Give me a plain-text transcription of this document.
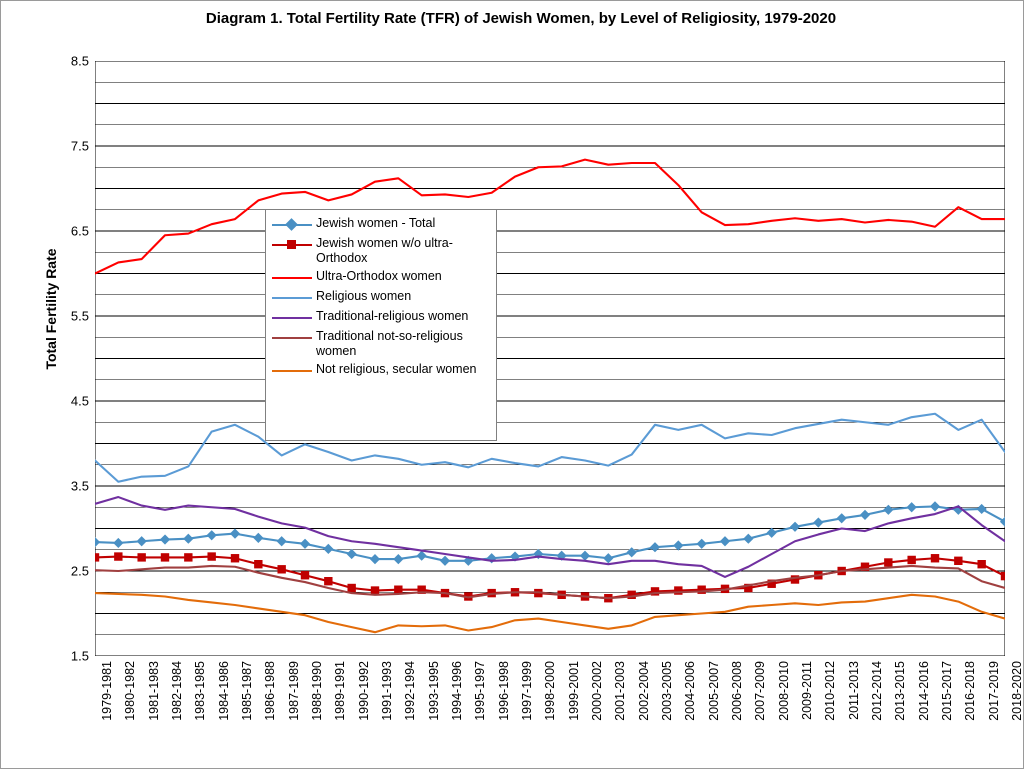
Diagram 1. Total Fertility Rate (TFR) of Jewish Women, by Level of Religiosity, 1979-2020
Total Fertility Rate
1.5
2.5
3.5
4.5
5.5
6.5
7.5
8.5
1979-1981 1980-1982 1981-1983 1982-1984 1983-1985 1984-1986 1985-1987 1986-1988 1987-1989 1988-1990 1989-1991 1990-1992 1991-1993 1992-1994 1993-1995 1994-1996 1995-1997 1996-1998 1997-1999 1998-2000 1999-2001 2000-2002 2001-2003 2002-2004 2003-2005 2004-2006 2005-2007 2006-2008 2007-2009 2008-2010 2009-2011 2010-2012 2011-2013 2012-2014 2013-2015 2014-2016 2015-2017 2016-2018 2017-2019 2018-2020
Jewish women - Total
Jewish women w/o ultra-Orthodox
Ultra-Orthodox women
Religious women
Traditional-religious women
Traditional not-so-religious women
Not religious, secular women
